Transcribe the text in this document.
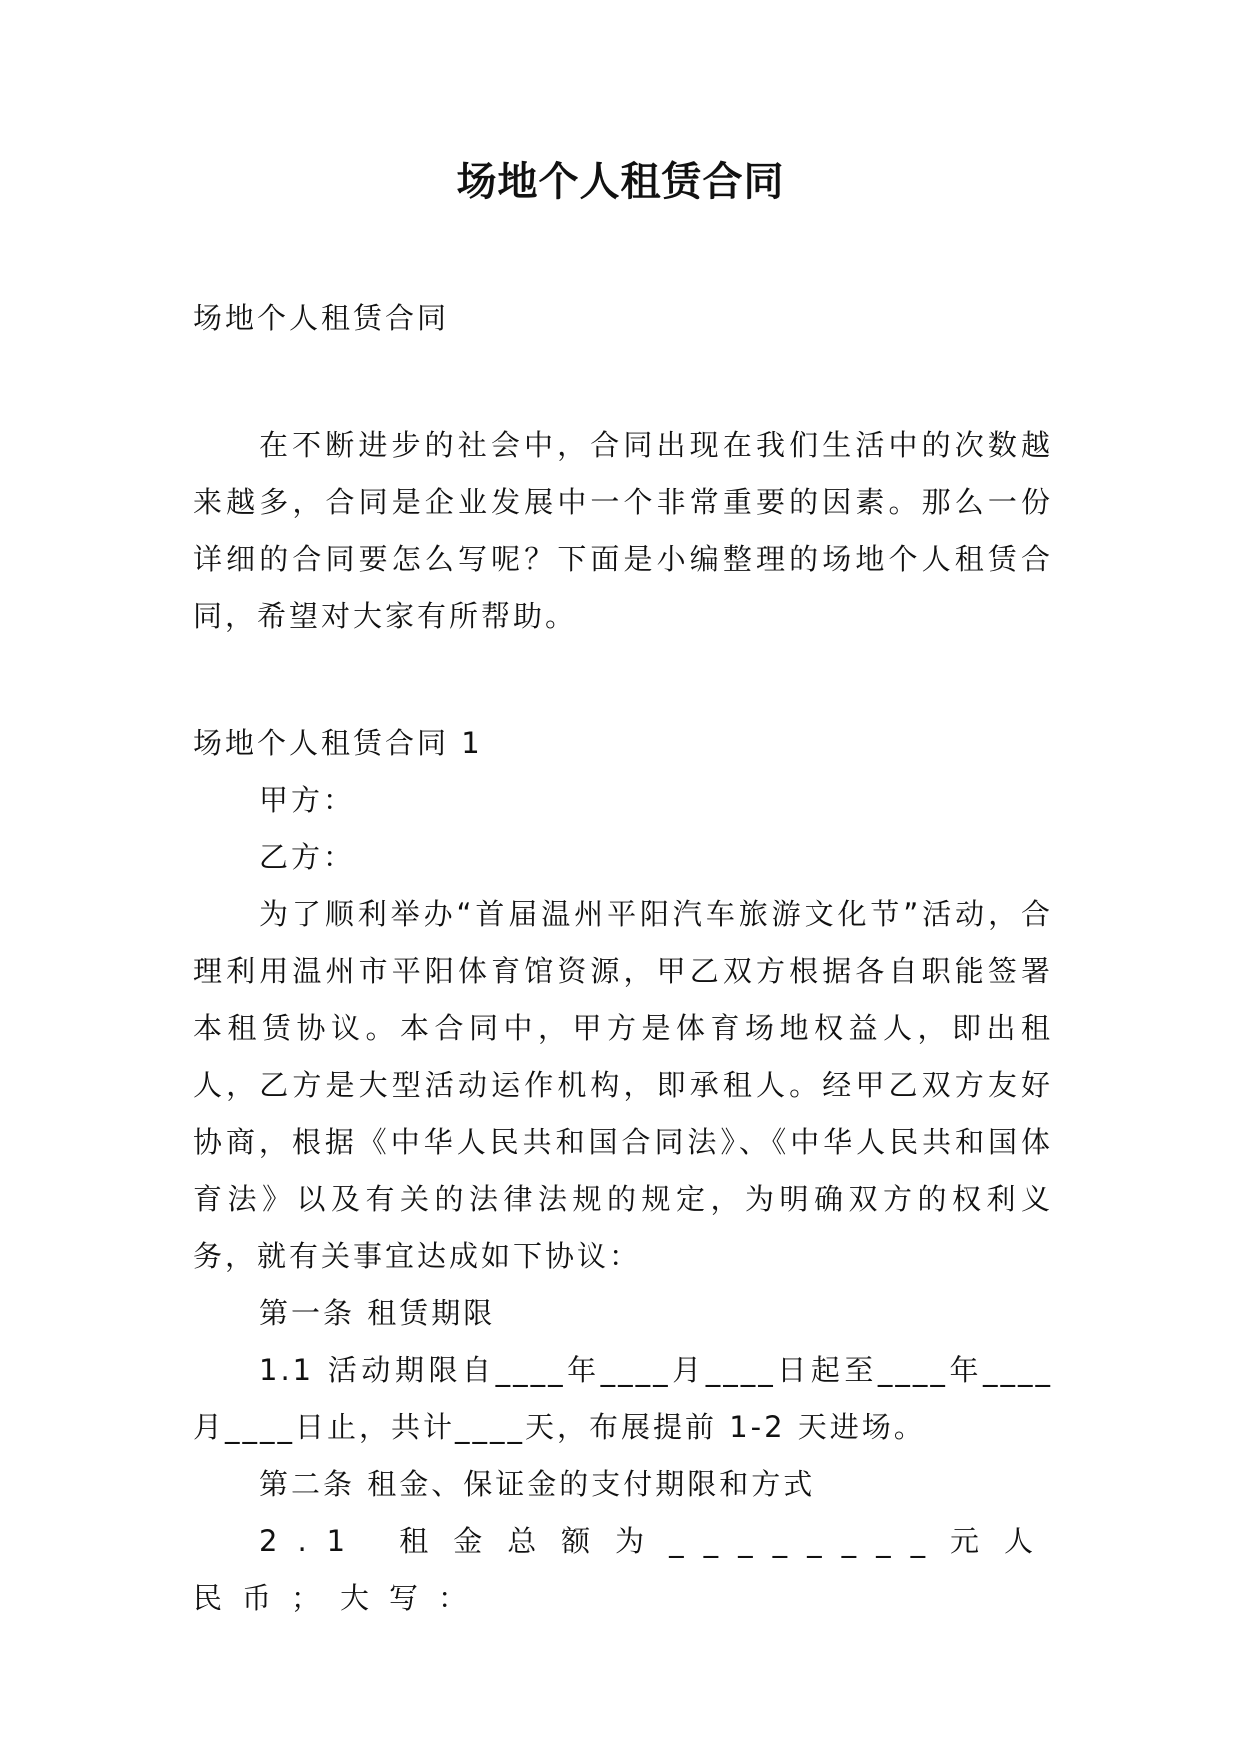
场地个人租赁合同

场地个人租赁合同

在不断进步的社会中，合同出现在我们生活中的次数越来越多，合同是企业发展中一个非常重要的因素。那么一份详细的合同要怎么写呢？下面是小编整理的场地个人租赁合同，希望对大家有所帮助。

场地个人租赁合同 1

甲方：

乙方：

为了顺利举办“首届温州平阳汽车旅游文化节”活动，合理利用温州市平阳体育馆资源，甲乙双方根据各自职能签署本租赁协议。本合同中，甲方是体育场地权益人，即出租人，乙方是大型活动运作机构，即承租人。经甲乙双方友好协商，根据《中华人民共和国合同法》、《中华人民共和国体育法》以及有关的法律法规的规定，为明确双方的权利义务，就有关事宜达成如下协议：

第一条 租赁期限

1.1 活动期限自____年____月____日起至____年____月____日止，共计____天，布展提前 1-2 天进场。

第二条 租金、保证金的支付期限和方式

2.1 租金总额为________元人民币；大写：
